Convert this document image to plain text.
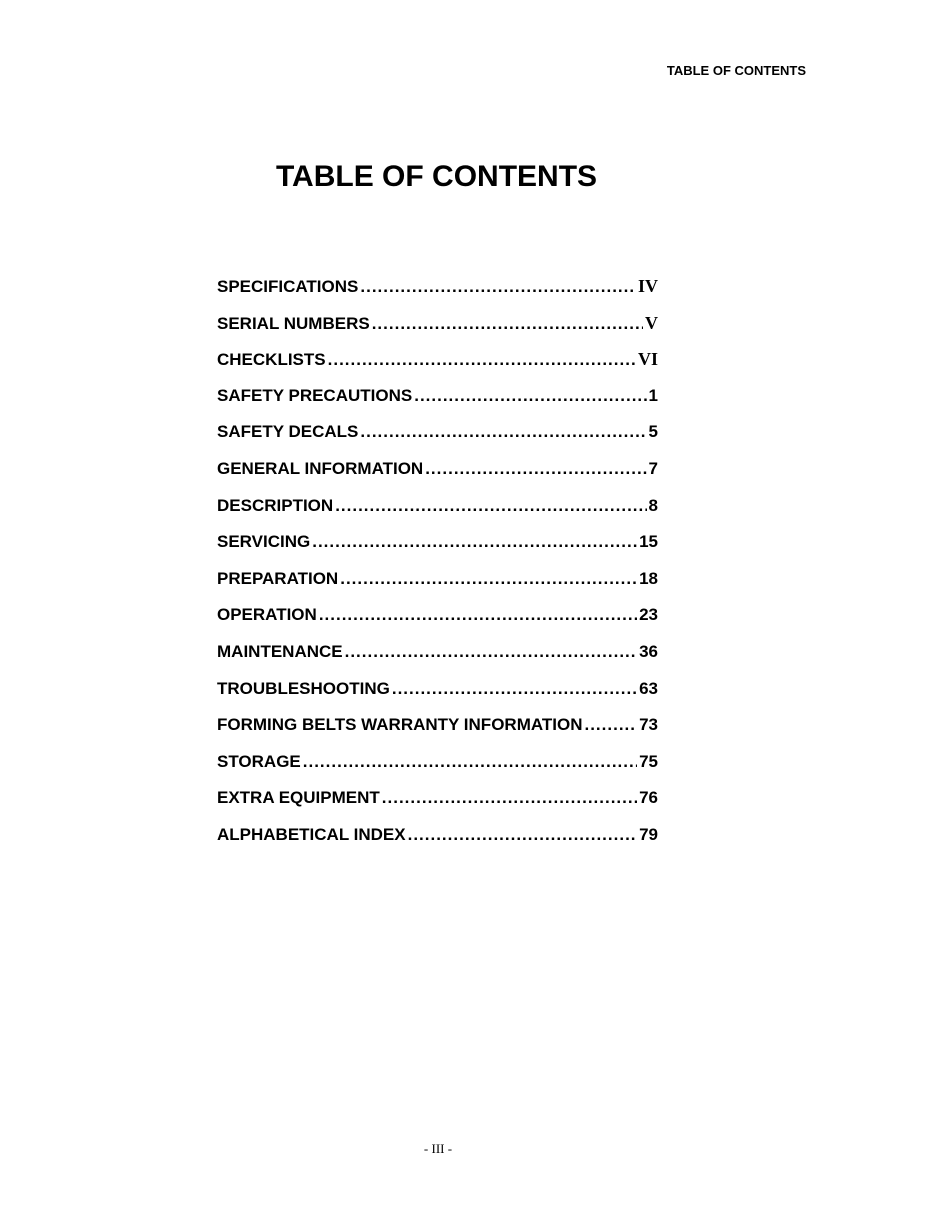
TABLE OF CONTENTS
TABLE OF CONTENTS
SPECIFICATIONS .....	IV
SERIAL NUMBERS .....	V
CHECKLISTS .....	VI
SAFETY PRECAUTIONS .....	1
SAFETY DECALS .....	5
GENERAL INFORMATION .....	7
DESCRIPTION .....	8
SERVICING .....	15
PREPARATION .....	18
OPERATION .....	23
MAINTENANCE .....	36
TROUBLESHOOTING .....	63
FORMING BELTS WARRANTY INFORMATION .....	73
STORAGE .....	75
EXTRA EQUIPMENT .....	76
ALPHABETICAL INDEX .....	79
- III -
